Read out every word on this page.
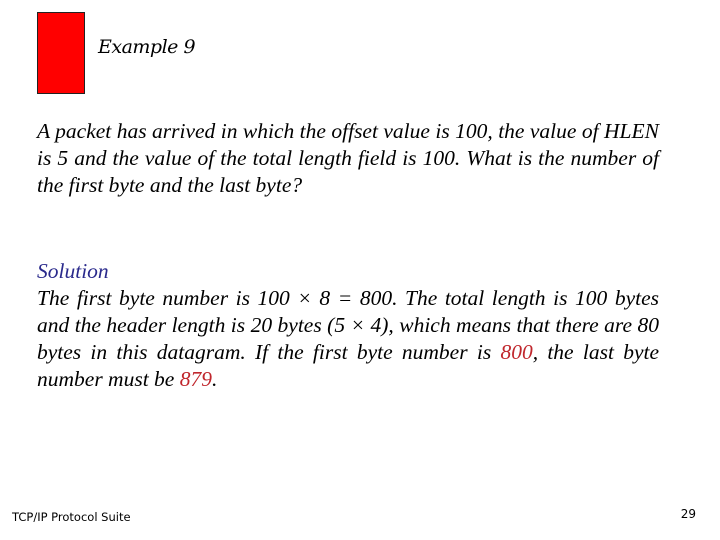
Example 9
A packet has arrived in which the offset value is 100, the value of HLEN is 5 and the value of the total length field is 100. What is the number of the first byte and the last byte?
Solution
The first byte number is 100 × 8 = 800. The total length is 100 bytes and the header length is 20 bytes (5 × 4), which means that there are 80 bytes in this datagram. If the first byte number is 800, the last byte number must be 879.
TCP/IP Protocol Suite	29
